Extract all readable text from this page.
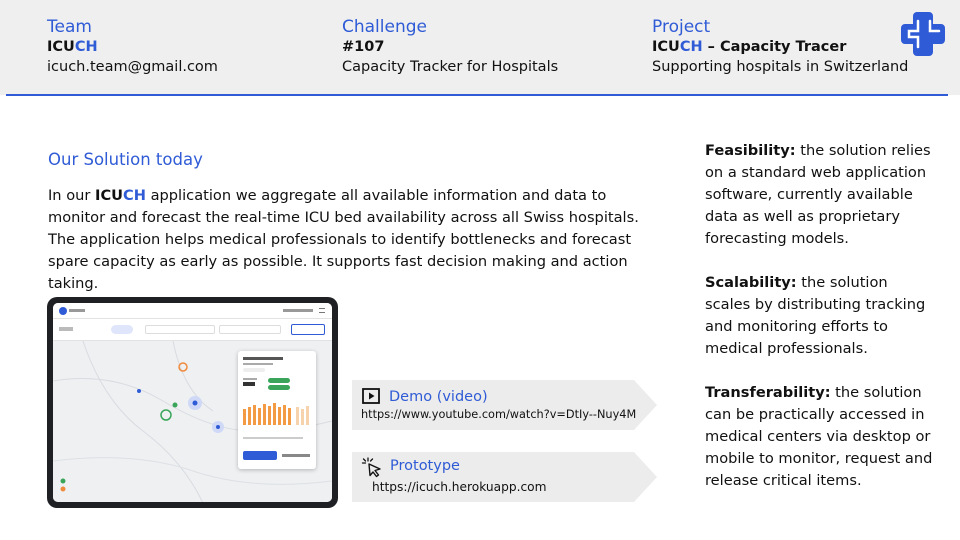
Team
ICUCH
icuch.team@gmail.com
Challenge
#107
Capacity Tracker for Hospitals
Project
ICUCH – Capacity Tracer
Supporting hospitals in Switzerland
Our Solution today
In our ICUCH application we aggregate all available information and data to monitor and forecast the real-time ICU bed availability across all Swiss hospitals.
The application helps medical professionals to identify bottlenecks and forecast spare capacity as early as possible. It supports fast decision making and action taking.
Demo (video)
https://www.youtube.com/watch?v=DtIy--Nuy4M
Prototype
https://icuch.herokuapp.com

Feasibility: the solution relies on a standard web application software, currently available data as well as proprietary forecasting models.

Scalability: the solution scales by distributing tracking and monitoring efforts to medical professionals.

Transferability: the solution can be practically accessed in medical centers via desktop or mobile to monitor, request and release critical items.
